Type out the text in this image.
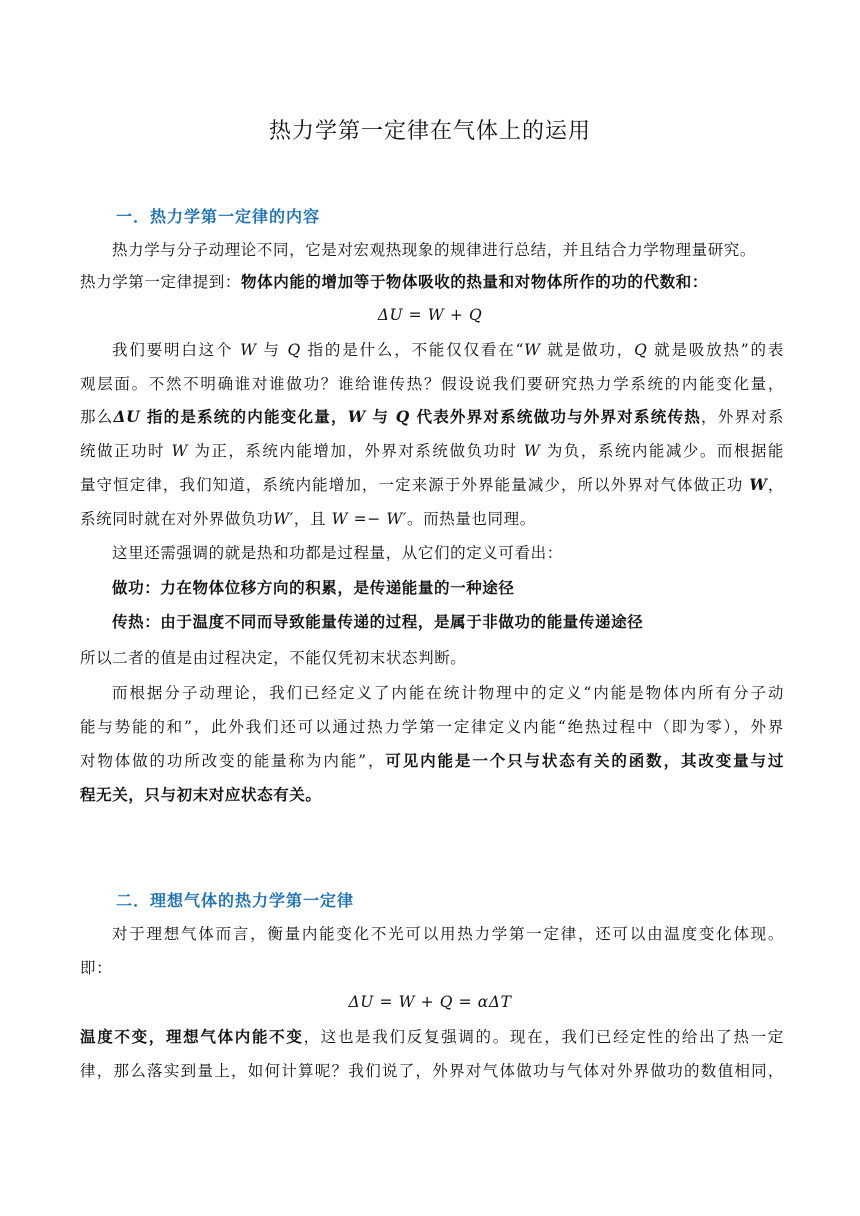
热力学第一定律在气体上的运用
一．热力学第一定律的内容
热力学与分子动理论不同，它是对宏观热现象的规律进行总结，并且结合力学物理量研究。
热力学第一定律提到：物体内能的增加等于物体吸收的热量和对物体所作的功的代数和：
ΔU = W + Q
我们要明白这个 W 与 Q 指的是什么，不能仅仅看在“W 就是做功，Q 就是吸放热”的表
观层面。不然不明确谁对谁做功？谁给谁传热？假设说我们要研究热力学系统的内能变化量，
那么ΔU 指的是系统的内能变化量，W 与 Q 代表外界对系统做功与外界对系统传热，外界对系
统做正功时 W 为正，系统内能增加，外界对系统做负功时 W 为负，系统内能减少。而根据能
量守恒定律，我们知道，系统内能增加，一定来源于外界能量减少，所以外界对气体做正功 W，
系统同时就在对外界做负功W′，且 W =− W′。而热量也同理。
这里还需强调的就是热和功都是过程量，从它们的定义可看出：
做功：力在物体位移方向的积累，是传递能量的一种途径
传热：由于温度不同而导致能量传递的过程，是属于非做功的能量传递途径
所以二者的值是由过程决定，不能仅凭初末状态判断。
而根据分子动理论，我们已经定义了内能在统计物理中的定义“内能是物体内所有分子动
能与势能的和”，此外我们还可以通过热力学第一定律定义内能“绝热过程中（即为零），外界
对物体做的功所改变的能量称为内能”，可见内能是一个只与状态有关的函数，其改变量与过
程无关，只与初末对应状态有关。
二．理想气体的热力学第一定律
对于理想气体而言，衡量内能变化不光可以用热力学第一定律，还可以由温度变化体现。
即：
ΔU = W + Q = αΔT
温度不变，理想气体内能不变，这也是我们反复强调的。现在，我们已经定性的给出了热一定
律，那么落实到量上，如何计算呢？我们说了，外界对气体做功与气体对外界做功的数值相同，
